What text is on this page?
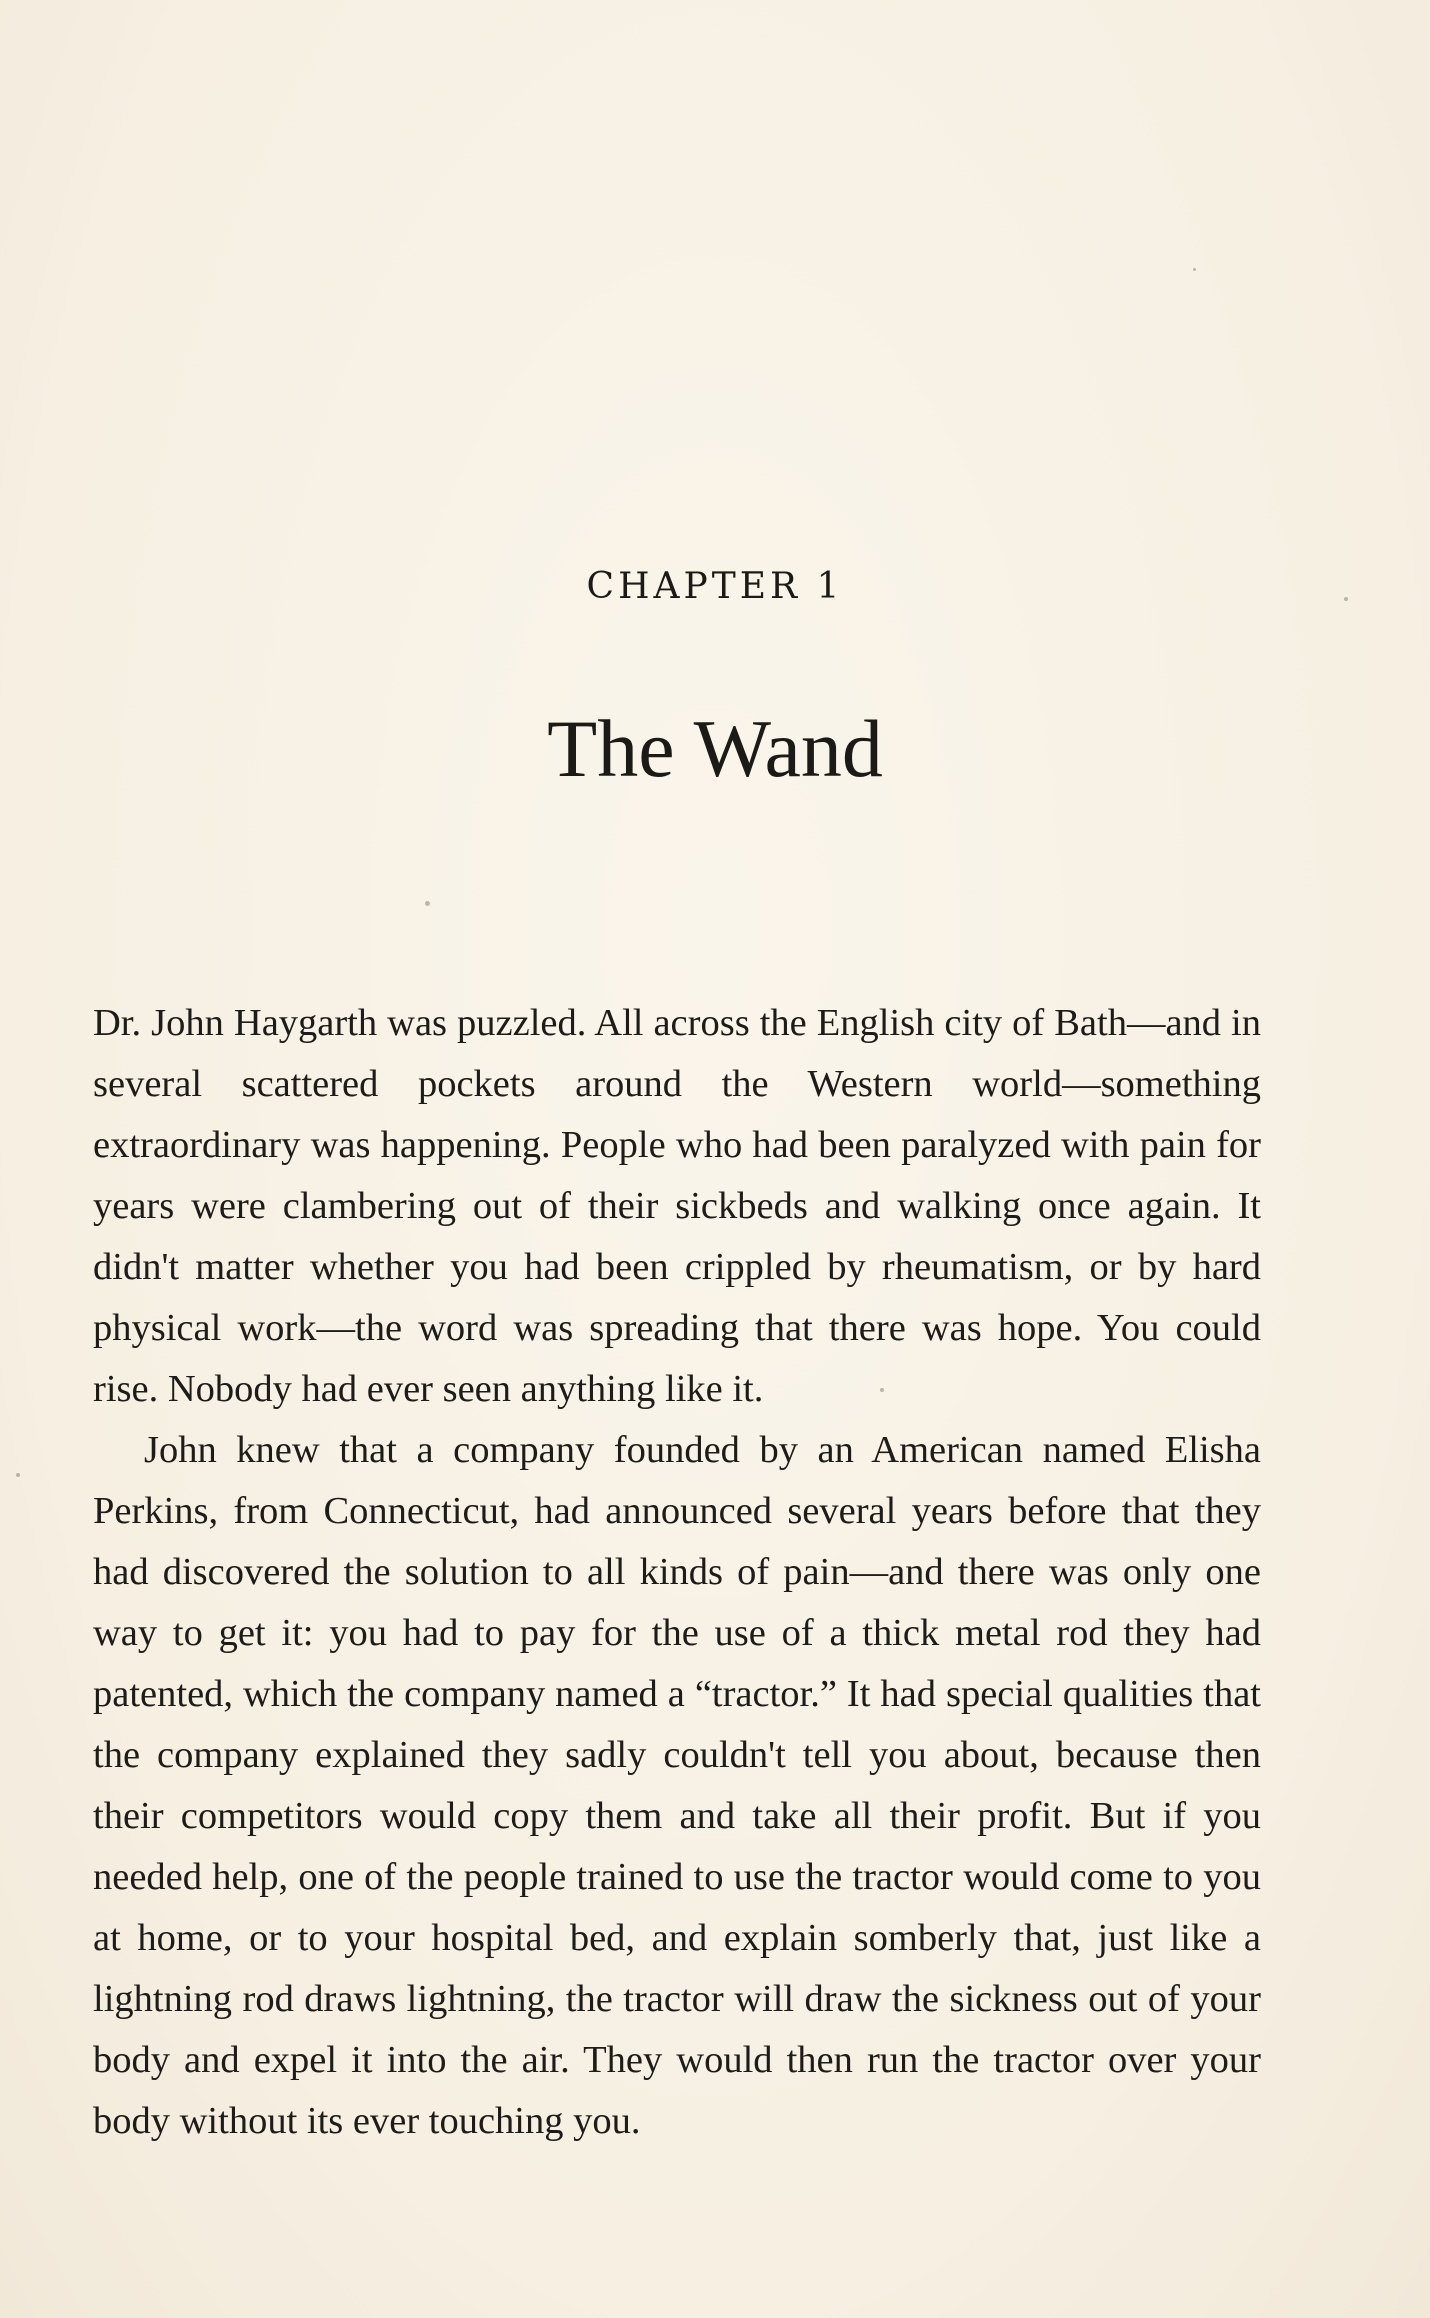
CHAPTER 1
The Wand

Dr. John Haygarth was puzzled. All across the English city of Bath—and in several scattered pockets around the Western world—something extraordinary was happening. People who had been paralyzed with pain for years were clambering out of their sickbeds and walking once again. It didn't matter whether you had been crippled by rheumatism, or by hard physical work—the word was spreading that there was hope. You could rise. Nobody had ever seen anything like it.

John knew that a company founded by an American named Elisha Perkins, from Connecticut, had announced several years before that they had discovered the solution to all kinds of pain—and there was only one way to get it: you had to pay for the use of a thick metal rod they had patented, which the company named a “tractor.” It had special qualities that the company explained they sadly couldn't tell you about, because then their competitors would copy them and take all their profit. But if you needed help, one of the people trained to use the tractor would come to you at home, or to your hospital bed, and explain somberly that, just like a lightning rod draws lightning, the tractor will draw the sickness out of your body and expel it into the air. They would then run the tractor over your body without its ever touching you.
